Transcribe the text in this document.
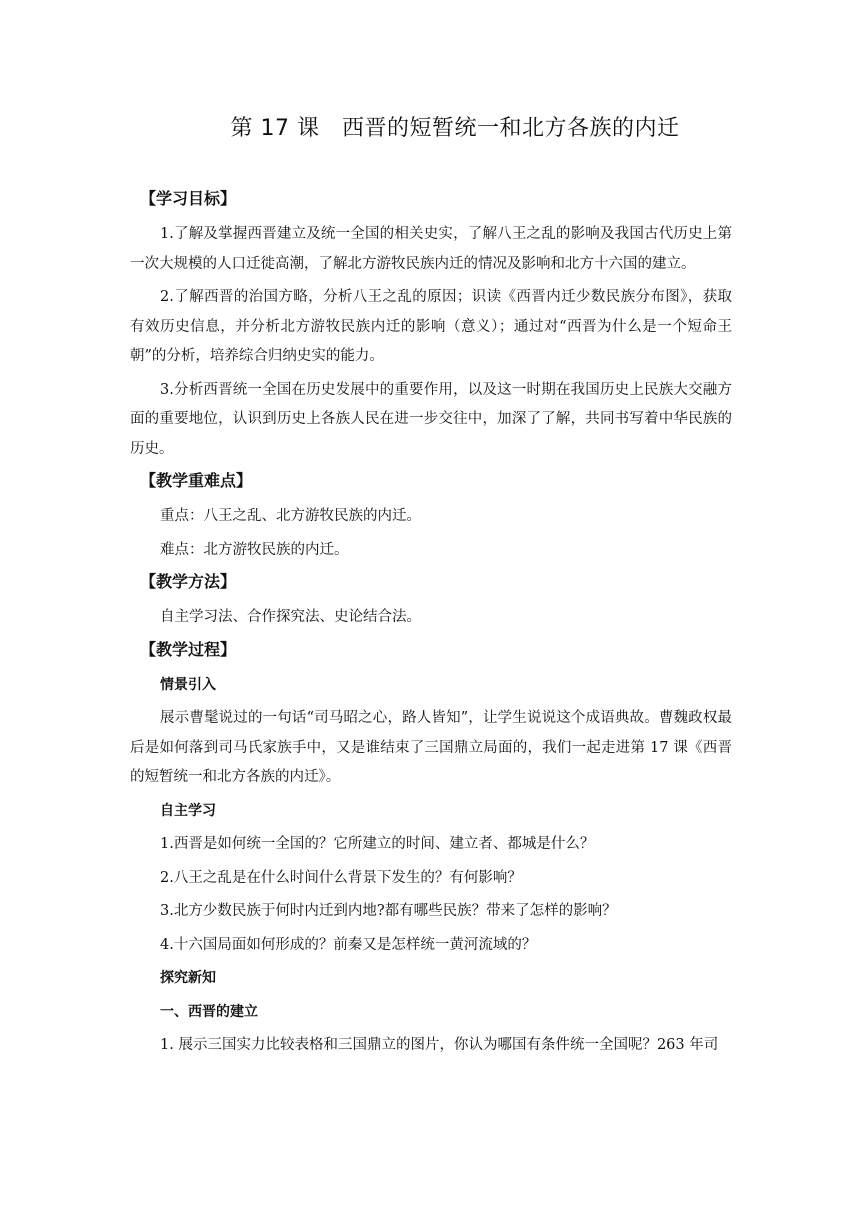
第 17 课　西晋的短暂统一和北方各族的内迁
【学习目标】

1.了解及掌握西晋建立及统一全国的相关史实，了解八王之乱的影响及我国古代历史上第一次大规模的人口迁徙高潮，了解北方游牧民族内迁的情况及影响和北方十六国的建立。

2.了解西晋的治国方略，分析八王之乱的原因；识读《西晋内迁少数民族分布图》，获取有效历史信息，并分析北方游牧民族内迁的影响（意义）；通过对“西晋为什么是一个短命王朝”的分析，培养综合归纳史实的能力。

3.分析西晋统一全国在历史发展中的重要作用，以及这一时期在我国历史上民族大交融方面的重要地位，认识到历史上各族人民在进一步交往中，加深了了解，共同书写着中华民族的历史。

【教学重难点】

重点：八王之乱、北方游牧民族的内迁。

难点：北方游牧民族的内迁。

【教学方法】

自主学习法、合作探究法、史论结合法。

【教学过程】
情景引入

展示曹髦说过的一句话“司马昭之心，路人皆知”，让学生说说这个成语典故。曹魏政权最后是如何落到司马氏家族手中，又是谁结束了三国鼎立局面的，我们一起走进第 17 课《西晋的短暂统一和北方各族的内迁》。

自主学习

1.西晋是如何统一全国的？它所建立的时间、建立者、都城是什么？

2.八王之乱是在什么时间什么背景下发生的？有何影响？

3.北方少数民族于何时内迁到内地?都有哪些民族？带来了怎样的影响？

4.十六国局面如何形成的？前秦又是怎样统一黄河流域的？

探究新知
一、西晋的建立

1. 展示三国实力比较表格和三国鼎立的图片，你认为哪国有条件统一全国呢？263 年司
